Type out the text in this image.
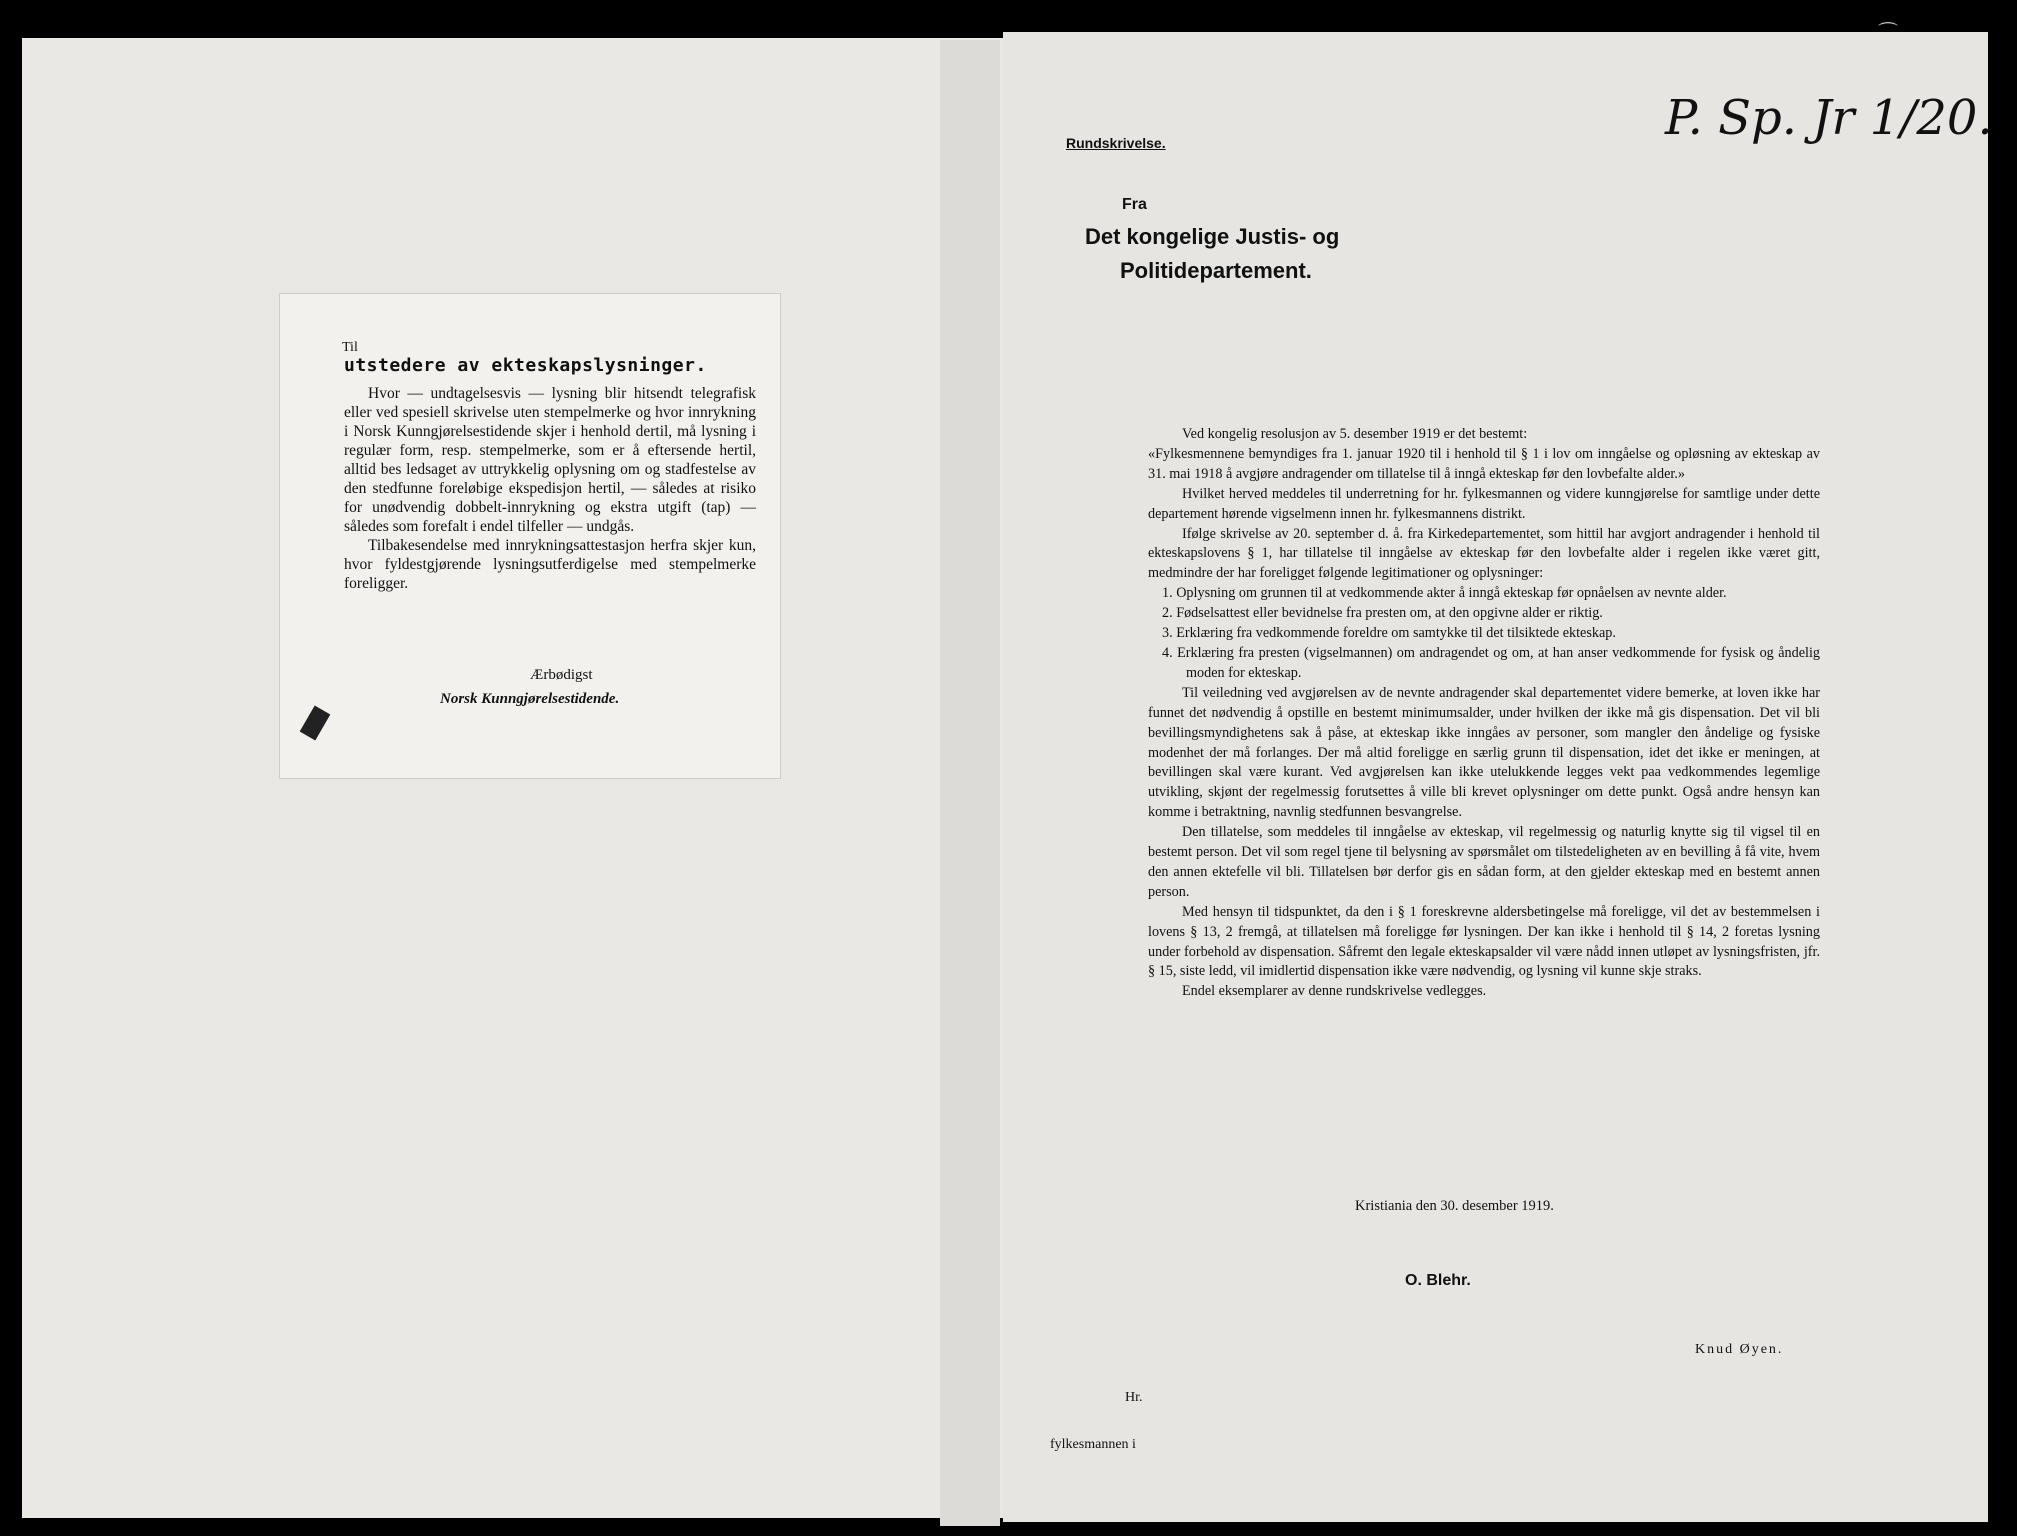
⌒
Til
utstedere av ekteskapslysninger.

Hvor — undtagelsesvis — lysning blir hitsendt telegrafisk eller ved spesiell skrivelse uten stempelmerke og hvor innrykning i Norsk Kunngjørelsestidende skjer i henhold dertil, må lysning i regulær form, resp. stempelmerke, som er å eftersende hertil, alltid bes ledsaget av uttrykkelig oplysning om og stadfestelse av den stedfunne foreløbige ekspedisjon hertil, — således at risiko for unødvendig dobbelt-innrykning og ekstra utgift (tap) — således som forefalt i endel tilfeller — undgås.

Tilbakesendelse med innrykningsattestasjon herfra skjer kun, hvor fyldestgjørende lysningsutferdigelse med stempelmerke foreligger.

Ærbødigst
Norsk Kunngjørelsestidende.
P. Sp. Jr 1/20.
Rundskrivelse.
Fra
Det kongelige Justis- og
Politidepartement.

Ved kongelig resolusjon av 5. desember 1919 er det bestemt:

«Fylkesmennene bemyndiges fra 1. januar 1920 til i henhold til § 1 i lov om inngåelse og opløsning av ekteskap av 31. mai 1918 å avgjøre andragender om tillatelse til å inngå ekteskap før den lovbefalte alder.»

Hvilket herved meddeles til underretning for hr. fylkesmannen og videre kunngjørelse for samtlige under dette departement hørende vigselmenn innen hr. fylkesmannens distrikt.

Ifølge skrivelse av 20. september d. å. fra Kirkedepartementet, som hittil har avgjort andragender i henhold til ekteskapslovens § 1, har tillatelse til inngåelse av ekteskap før den lovbefalte alder i regelen ikke været gitt, medmindre der har foreligget følgende legitimationer og oplysninger:

1. Oplysning om grunnen til at vedkommende akter å inngå ekteskap før opnåelsen av nevnte alder.
2. Fødselsattest eller bevidnelse fra presten om, at den opgivne alder er riktig.
3. Erklæring fra vedkommende foreldre om samtykke til det tilsiktede ekteskap.
4. Erklæring fra presten (vigselmannen) om andragendet og om, at han anser vedkommende for fysisk og åndelig moden for ekteskap.

Til veiledning ved avgjørelsen av de nevnte andragender skal departementet videre bemerke, at loven ikke har funnet det nødvendig å opstille en bestemt minimumsalder, under hvilken der ikke må gis dispensation. Det vil bli bevillingsmyndighetens sak å påse, at ekteskap ikke inngåes av personer, som mangler den åndelige og fysiske modenhet der må forlanges. Der må altid foreligge en særlig grunn til dispensation, idet det ikke er meningen, at bevillingen skal være kurant. Ved avgjørelsen kan ikke utelukkende legges vekt paa vedkommendes legemlige utvikling, skjønt der regelmessig forutsettes å ville bli krevet oplysninger om dette punkt. Også andre hensyn kan komme i betraktning, navnlig stedfunnen besvangrelse.

Den tillatelse, som meddeles til inngåelse av ekteskap, vil regelmessig og naturlig knytte sig til vigsel til en bestemt person. Det vil som regel tjene til belysning av spørsmålet om tilstedeligheten av en bevilling å få vite, hvem den annen ektefelle vil bli. Tillatelsen bør derfor gis en sådan form, at den gjelder ekteskap med en bestemt annen person.

Med hensyn til tidspunktet, da den i § 1 foreskrevne aldersbetingelse må foreligge, vil det av bestemmelsen i lovens § 13, 2 fremgå, at tillatelsen må foreligge før lysningen. Der kan ikke i henhold til § 14, 2 foretas lysning under forbehold av dispensation. Såfremt den legale ekteskapsalder vil være nådd innen utløpet av lysningsfristen, jfr. § 15, siste ledd, vil imidlertid dispensation ikke være nødvendig, og lysning vil kunne skje straks.

Endel eksemplarer av denne rundskrivelse vedlegges.

Kristiania den 30. desember 1919.
O. Blehr.
Knud Øyen.
Hr.
fylkesmannen i
